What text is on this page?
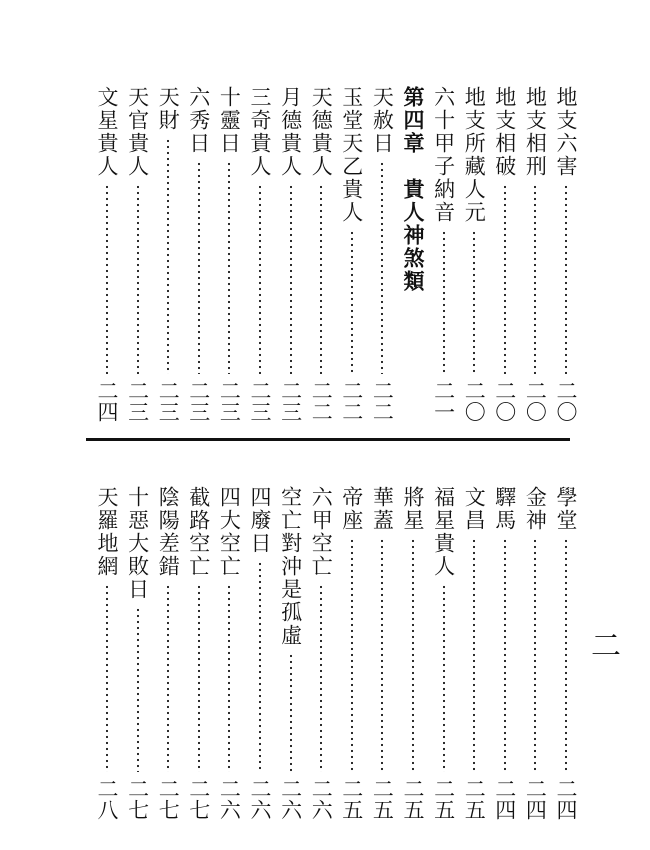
地支六害
二〇
地支相刑
二〇
地支相破
二〇
地支所藏人元
二〇
六十甲子納音
二一
第四章　貴人神煞類
天赦日
二二
玉堂天乙貴人
二二
天德貴人
二二
月德貴人
二三
三奇貴人
二三
十靈日
二三
六秀日
二三
天財
二三
天官貴人
二三
文星貴人
二四
學堂
二四
金神
二四
驛馬
二四
文昌
二五
福星貴人
二五
將星
二五
華蓋
二五
帝座
二五
六甲空亡
二六
空亡對沖是孤虛
二六
四廢日
二六
四大空亡
二六
截路空亡
二七
陰陽差錯
二七
十惡大敗日
二七
天羅地網
二八
二
